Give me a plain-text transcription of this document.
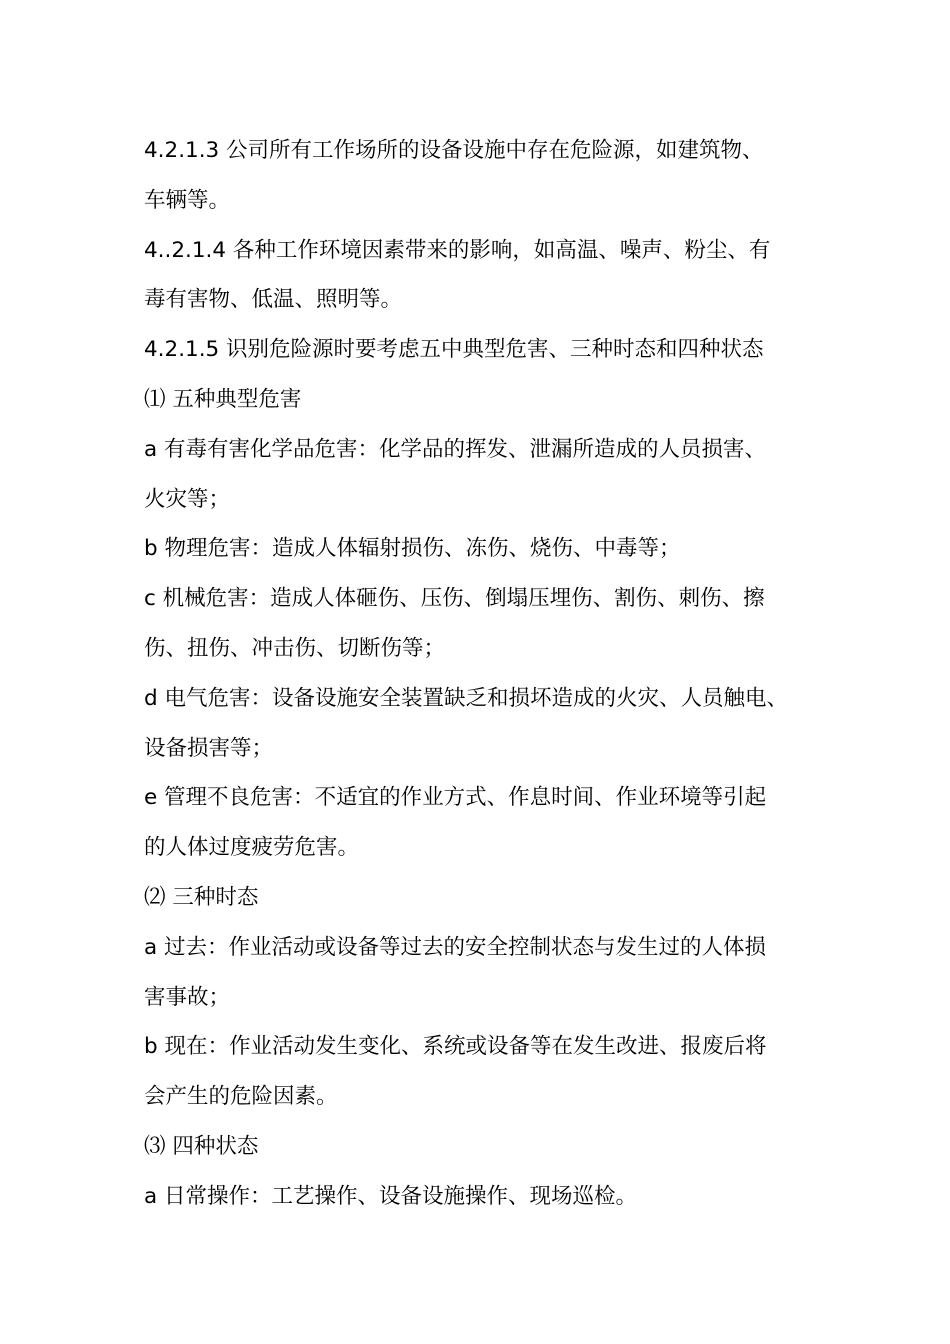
4.2.1.3 公司所有工作场所的设备设施中存在危险源，如建筑物、
车辆等。
4..2.1.4 各种工作环境因素带来的影响，如高温、噪声、粉尘、有
毒有害物、低温、照明等。
4.2.1.5 识别危险源时要考虑五中典型危害、三种时态和四种状态
⑴ 五种典型危害
a 有毒有害化学品危害：化学品的挥发、泄漏所造成的人员损害、
火灾等；
b 物理危害：造成人体辐射损伤、冻伤、烧伤、中毒等；
c 机械危害：造成人体砸伤、压伤、倒塌压埋伤、割伤、刺伤、擦
伤、扭伤、冲击伤、切断伤等；
d 电气危害：设备设施安全装置缺乏和损坏造成的火灾、人员触电、
设备损害等；
e 管理不良危害：不适宜的作业方式、作息时间、作业环境等引起
的人体过度疲劳危害。
⑵ 三种时态
a 过去：作业活动或设备等过去的安全控制状态与发生过的人体损
害事故；
b 现在：作业活动发生变化、系统或设备等在发生改进、报废后将
会产生的危险因素。
⑶ 四种状态
a 日常操作：工艺操作、设备设施操作、现场巡检。
